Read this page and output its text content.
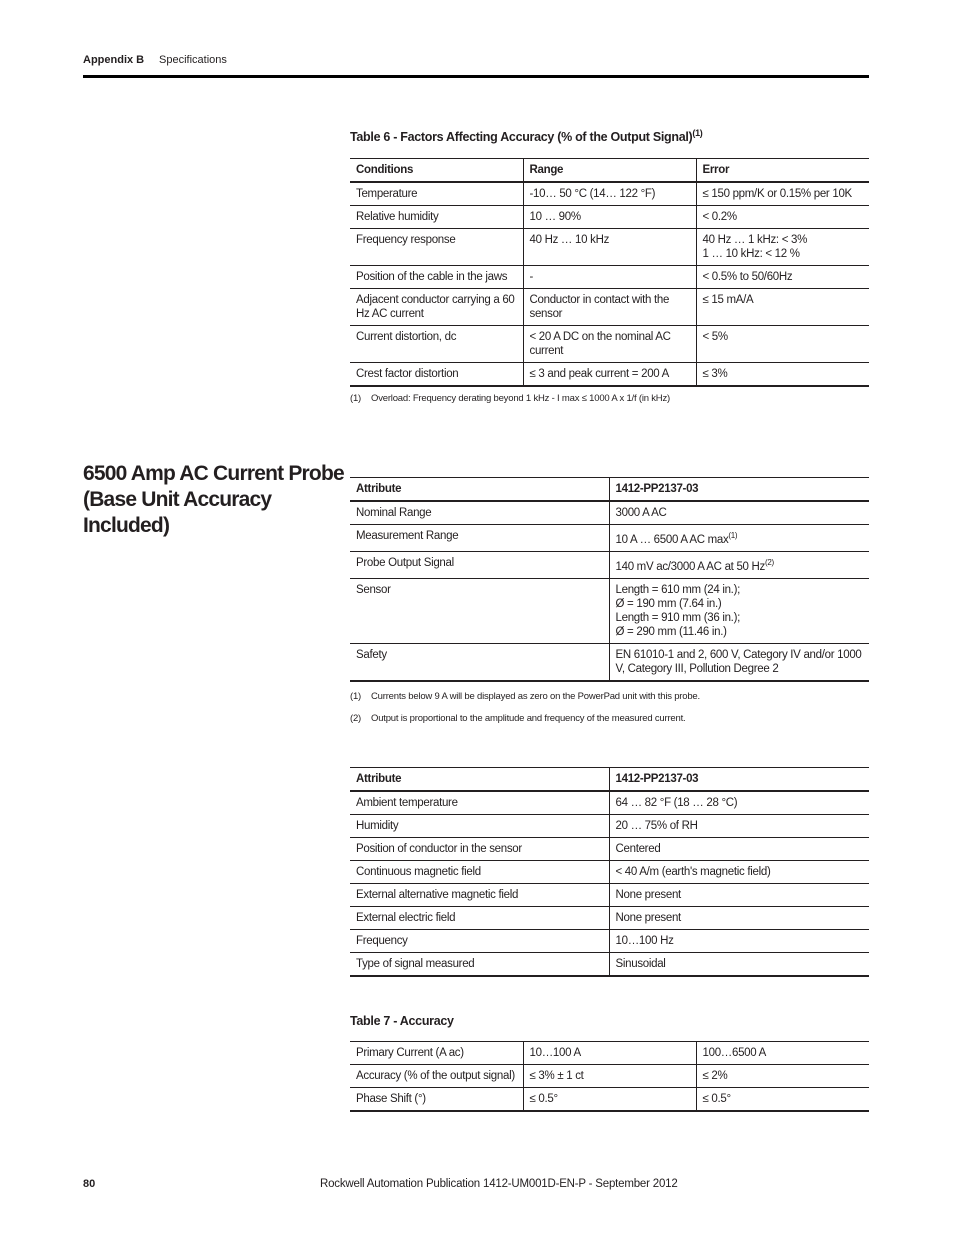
Appendix B Specifications
Table 6 - Factors Affecting Accuracy (% of the Output Signal)$^{(1)}$
Conditions	Range	Error
Temperature	-10… 50 °C (14… 122 °F)	≤ 150 ppm/K or 0.15% per 10K
Relative humidity	10 … 90%	< 0.2%
Frequency response	40 Hz … 10 kHz	40 Hz … 1 kHz: < 3%
1 … 10 kHz: < 12 %
Position of the cable in the jaws	-	< 0.5% to 50/60Hz
Adjacent conductor carrying a 60 Hz AC current	Conductor in contact with the sensor	≤ 15 mA/A
Current distortion, dc	< 20 A DC on the nominal AC current	< 5%
Crest factor distortion	≤ 3 and peak current = 200 A	≤ 3%
(1) Overload: Frequency derating beyond 1 kHz - I max ≤ 1000 A x 1/f (in kHz)
6500 Amp AC Current Probe (Base Unit Accuracy Included)
Attribute	1412-PP2137-03
Nominal Range	3000 A AC
Measurement Range	10 A … 6500 A AC $\max^{(1)}$
Probe Output Signal	140 mV ac/3000 A AC at 50 Hz$^{(2)}$
Sensor	Length = 610 mm (24 in.);
Ø = 190 mm (7.64 in.)
Length = 910 mm (36 in.);
Ø = 290 mm (11.46 in.)
Safety	EN 61010-1 and 2, 600 V, Category IV and/or 1000 V, Category III, Pollution Degree 2
(1) Currents below 9 A will be displayed as zero on the PowerPad unit with this probe.
(2) Output is proportional to the amplitude and frequency of the measured current.
Attribute	1412-PP2137-03
Ambient temperature	64 … 82 °F (18 … 28 °C)
Humidity	20 … 75% of RH
Position of conductor in the sensor	Centered
Continuous magnetic field	< 40 A/m (earth's magnetic field)
External alternative magnetic field	None present
External electric field	None present
Frequency	10…100 Hz
Type of signal measured	Sinusoidal
Table 7 - Accuracy
Primary Current (A ac)	10…100 A	100…6500 A
Accuracy (% of the output signal)	≤ 3% ± 1 ct	≤ 2%
Phase Shift (°)	≤ 0.5°	≤ 0.5°
80	Rockwell Automation Publication 1412-UM001D-EN-P - September 2012
